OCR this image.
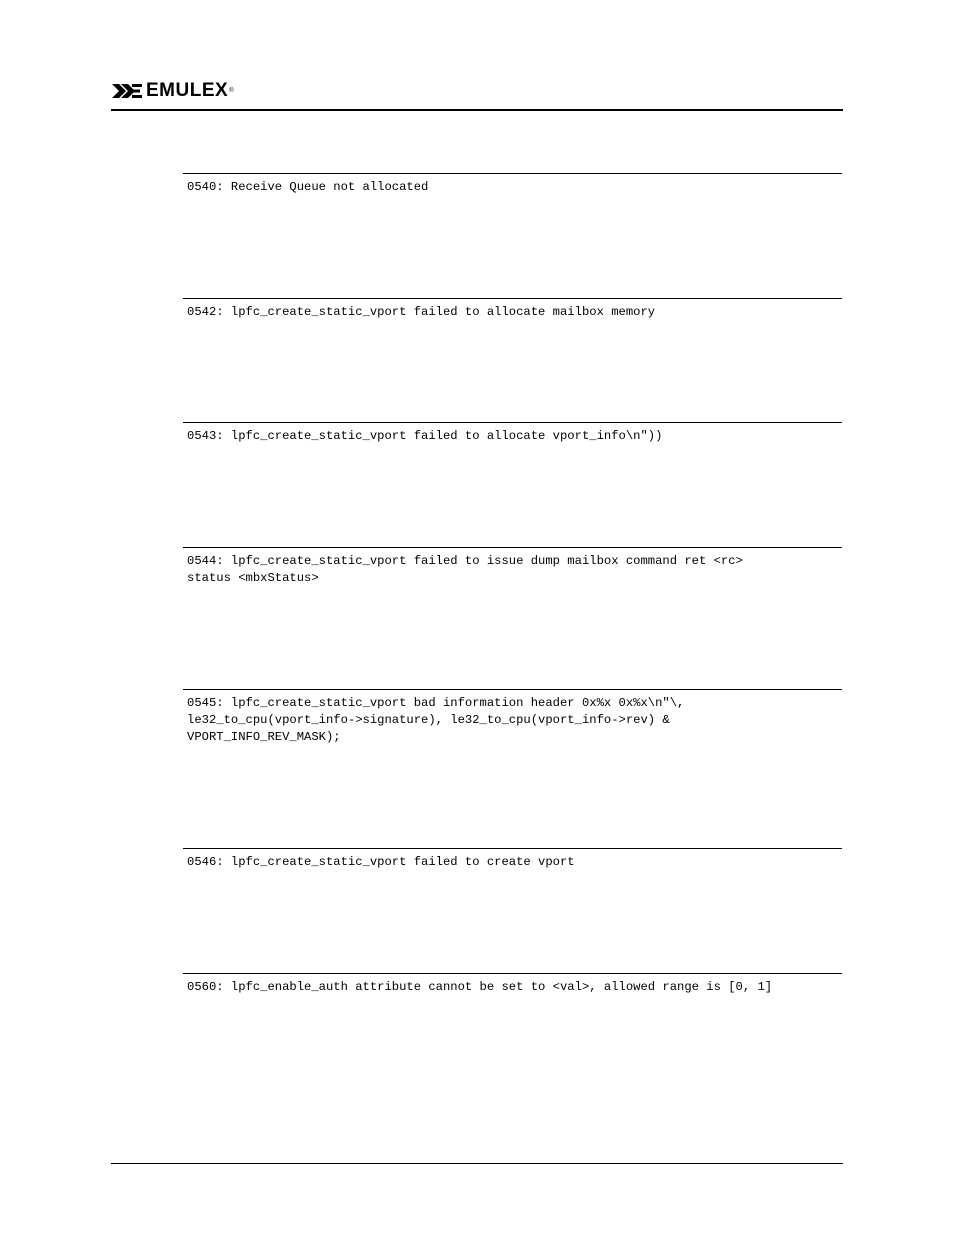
EMULEX ®
0540: Receive Queue not allocated
0542: lpfc_create_static_vport failed to allocate mailbox memory
0543: lpfc_create_static_vport failed to allocate vport_info\n"))
0544: lpfc_create_static_vport failed to issue dump mailbox command ret <rc>
status <mbxStatus>
0545: lpfc_create_static_vport bad information header 0x%x 0x%x\n"\,
le32_to_cpu(vport_info->signature), le32_to_cpu(vport_info->rev) &
VPORT_INFO_REV_MASK);
0546: lpfc_create_static_vport failed to create vport
0560: lpfc_enable_auth attribute cannot be set to <val>, allowed range is [0, 1]
